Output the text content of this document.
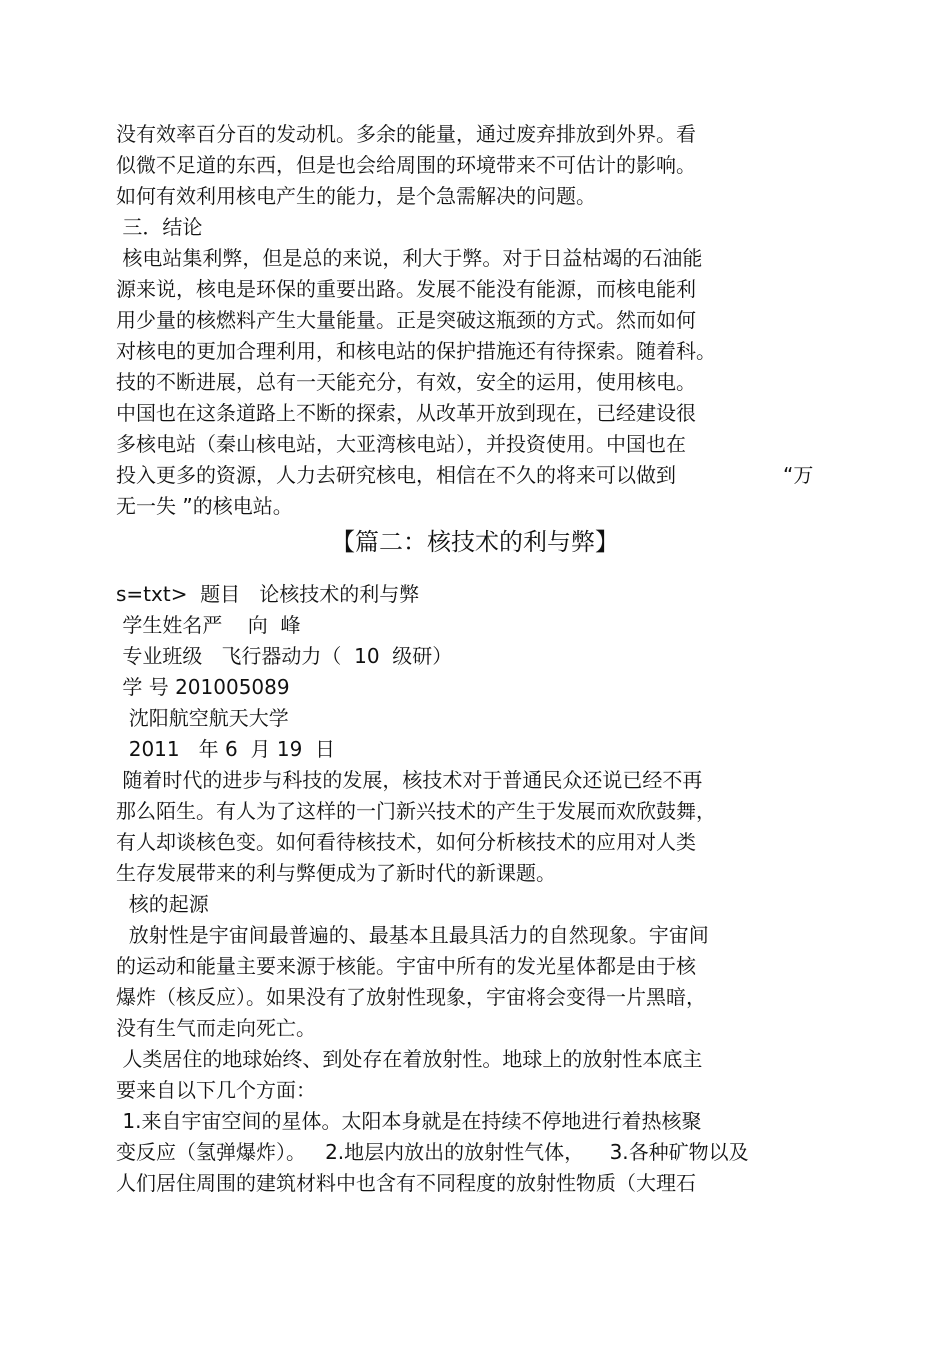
没有效率百分百的发动机。多余的能量，通过废弃排放到外界。看
似微不足道的东西，但是也会给周围的环境带来不可估计的影响。
如何有效利用核电产生的能力，是个急需解决的问题。
三．结论
核电站集利弊，但是总的来说，利大于弊。对于日益枯竭的石油能
源来说，核电是环保的重要出路。发展不能没有能源，而核电能利
用少量的核燃料产生大量能量。正是突破这瓶颈的方式。然而如何
对核电的更加合理利用，和核电站的保护措施还有待探索。随着科。
技的不断进展，总有一天能充分，有效，安全的运用，使用核电。
中国也在这条道路上不断的探索，从改革开放到现在，已经建设很
多核电站（秦山核电站，大亚湾核电站），并投资使用。中国也在
投入更多的资源，人力去研究核电，相信在不久的将来可以做到	“万
无一失 ”的核电站。
【篇二：核技术的利与弊】
s=txt>  题目   论核技术的利与弊
学生姓名严    向  峰
专业班级   飞行器动力（  10  级研）
学 号 201005089
沈阳航空航天大学
2011   年 6  月 19  日
随着时代的进步与科技的发展，核技术对于普通民众还说已经不再
那么陌生。有人为了这样的一门新兴技术的产生于发展而欢欣鼓舞，
有人却谈核色变。如何看待核技术，如何分析核技术的应用对人类
生存发展带来的利与弊便成为了新时代的新课题。
核的起源
放射性是宇宙间最普遍的、最基本且最具活力的自然现象。宇宙间
的运动和能量主要来源于核能。宇宙中所有的发光星体都是由于核
爆炸（核反应）。如果没有了放射性现象，宇宙将会变得一片黑暗，
没有生气而走向死亡。
人类居住的地球始终、到处存在着放射性。地球上的放射性本底主
要来自以下几个方面：
1.来自宇宙空间的星体。太阳本身就是在持续不停地进行着热核聚
变反应（氢弹爆炸）。   2.地层内放出的放射性气体，    3.各种矿物以及
人们居住周围的建筑材料中也含有不同程度的放射性物质（大理石
